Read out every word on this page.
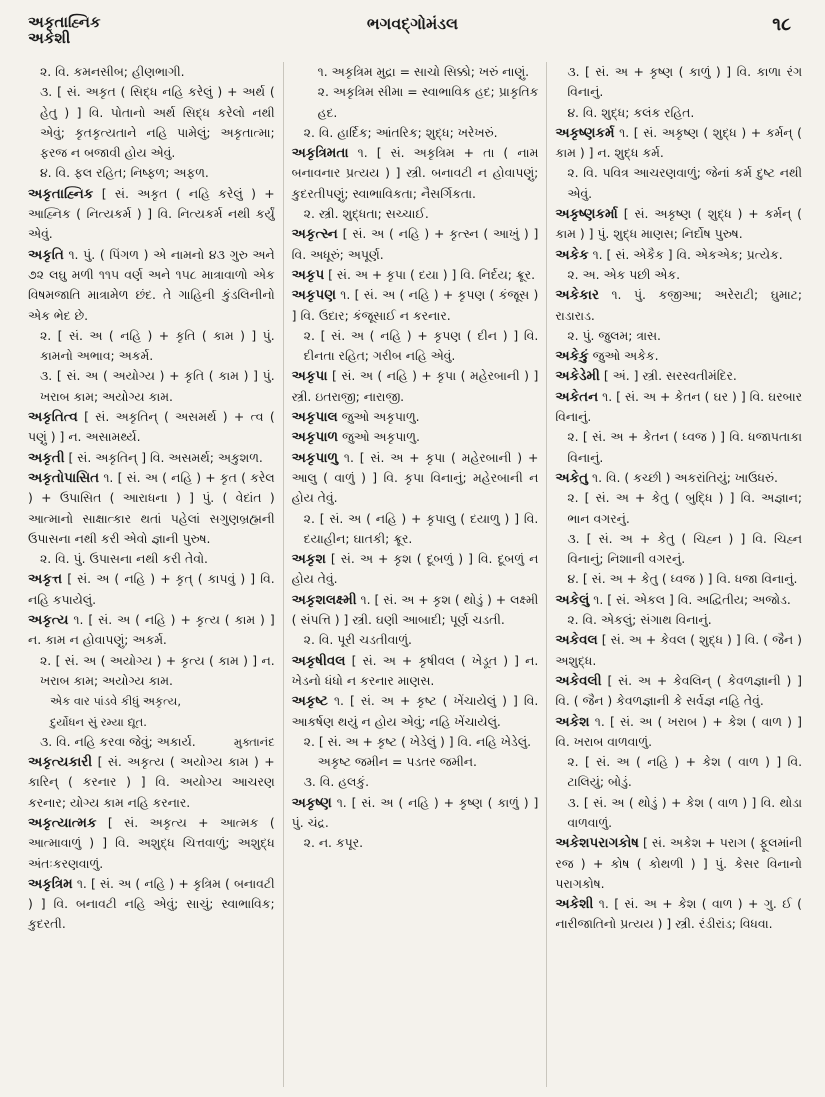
અકૃતાહ્નિક
અકેશી
ભગવદ્‍ગોમંડલ	૧૮
૨. વિ. કમનસીબ; હીણભાગી.
૩. [ સં. અકૃત ( સિદ્ધ નહિ કરેલું ) + અર્થ ( હેતુ ) ] વિ. પોતાનો અર્થ સિદ્ધ કરેલો નથી એવું; કૃતકૃત્યતાને નહિ પામેલું; અકૃતાત્મા; ફરજ ન બજાવી હોય એવું.
૪. વિ. ફલ રહિત; નિષ્ફળ; અફળ.
અકૃતાહ્નિક [ સં. અકૃત ( નહિ કરેલું ) + આહ્નિક ( નિત્યકર્મ ) ] વિ. નિત્યકર્મ નથી કર્યું એવું.
અકૃતિ ૧. પું. ( પિંગળ ) એ નામનો ૪૩ ગુરુ અને ૭૨ લઘુ મળી ૧૧૫ વર્ણ અને ૧૫૮ માત્રાવાળો એક વિષમજાતિ માત્રામેળ છંદ. તે ગાહિની કુંડલિનીનો એક ભેદ છે.
૨. [ સં. અ ( નહિ ) + કૃતિ ( કામ ) ] પું. કામનો અભાવ; અકર્મ.
૩. [ સં. અ ( અયોગ્ય ) + કૃતિ ( કામ ) ] પું. ખરાબ કામ; અયોગ્ય કામ.
અકૃતિત્વ [ સં. અકૃતિન્ ( અસમર્થ ) + ત્વ ( પણું ) ] ન. અસામર્થ્ય.
અકૃતી [ સં. અકૃતિન્ ] વિ. અસમર્થ; અકુશળ.
અકૃતોપાસિત ૧. [ સં. અ ( નહિ ) + કૃત ( કરેલ ) + ઉપાસિત ( આરાધના ) ] પું. ( વેદાંત ) આત્માનો સાક્ષાત્કાર થતાં પહેલાં સગુણબ્રહ્મની ઉપાસના નથી કરી એવો જ્ઞાની પુરુષ.
૨. વિ. પું. ઉપાસના નથી કરી તેવો.
અકૃત્ત [ સં. અ ( નહિ ) + કૃત્ ( કાપવું ) ] વિ. નહિ કપાયેલું.
અકૃત્ય ૧. [ સં. અ ( નહિ ) + કૃત્ય ( કામ ) ] ન. કામ ન હોવાપણું; અકર્મ.
૨. [ સં. અ ( અયોગ્ય ) + કૃત્ય ( કામ ) ] ન. ખરાબ કામ; અયોગ્ય કામ.
એક વાર પાંડવે કીધું અકૃત્ય,
દુર્યોધન સું રમ્યા દ્યૂત.
મુક્તાનંદ
૩. વિ. નહિ કરવા જેવું; અકાર્ય.
અકૃત્યકારી [ સં. અકૃત્ય ( અયોગ્ય કામ ) + કારિન્ ( કરનાર ) ] વિ. અયોગ્ય આચરણ કરનાર; યોગ્ય કામ નહિ કરનાર.
અકૃત્યાત્મક [ સં. અકૃત્ય + આત્મક ( આત્માવાળું ) ] વિ. અશુદ્ધ ચિત્તવાળું; અશુદ્ધ અંતઃકરણવાળું.
અકૃત્રિમ ૧. [ સં. અ ( નહિ ) + કૃત્રિમ ( બનાવટી ) ] વિ. બનાવટી નહિ એવું; સાચું; સ્વાભાવિક; કુદરતી.
૧. અકૃત્રિમ મુદ્રા = સાચો સિક્કો; ખરું નાણું.
૨. અકૃત્રિમ સીમા = સ્વાભાવિક હદ; પ્રાકૃતિક હદ.
૨. વિ. હાર્દિક; આંતરિક; શુદ્ધ; ખરેખરું.
અકૃત્રિમતા ૧. [ સં. અકૃત્રિમ + તા ( નામ બનાવનાર પ્રત્યય ) ] સ્ત્રી. બનાવટી ન હોવાપણું; કુદરતીપણું; સ્વાભાવિકતા; નૈસર્ગિકતા.
૨. સ્ત્રી. શુદ્ધતા; સચ્ચાઈ.
અકૃત્સ્ન [ સં. અ ( નહિ ) + કૃત્સ્ન ( આખું ) ] વિ. અધૂરું; અપૂર્ણ.
અકૃપ [ સં. અ + કૃપા ( દયા ) ] વિ. નિર્દય; ક્રૂર.
અકૃપણ ૧. [ સં. અ ( નહિ ) + કૃપણ ( કંજૂસ ) ] વિ. ઉદાર; કંજૂસાઈ ન કરનાર.
૨. [ સં. અ ( નહિ ) + કૃપણ ( દીન ) ] વિ. દીનતા રહિત; ગરીબ નહિ એવું.
અકૃપા [ સં. અ ( નહિ ) + કૃપા ( મહેરબાની ) ] સ્ત્રી. ઇતરાજી; નારાજી.
અકૃપાલ જુઓ અકૃપાળુ.
અકૃપાળ જુઓ અકૃપાળુ.
અકૃપાળુ ૧. [ સં. અ + કૃપા ( મહેરબાની ) + આલુ ( વાળું ) ] વિ. કૃપા વિનાનું; મહેરબાની ન હોય તેવું.
૨. [ સં. અ ( નહિ ) + કૃપાલુ ( દયાળુ ) ] વિ. દયાહીન; ઘાતકી; ક્રૂર.
અકૃશ [ સં. અ + કૃશ ( દૂબળું ) ] વિ. દૂબળું ન હોય તેવું.
અકૃશલક્ષ્મી ૧. [ સં. અ + કૃશ ( થોડું ) + લક્ષ્મી ( સંપત્તિ ) ] સ્ત્રી. ઘણી આબાદી; પૂર્ણ ચડતી.
૨. વિ. પૂરી ચડતીવાળું.
અકૃષીવલ [ સં. અ + કૃષીવલ ( ખેડૂત ) ] ન. ખેડનો ધંધો ન કરનાર માણસ.
અકૃષ્ટ ૧. [ સં. અ + કૃષ્ટ ( ખેંચાયેલું ) ] વિ. આકર્ષણ થયું ન હોય એવું; નહિ ખેંચાયેલું.
૨. [ સં. અ + કૃષ્ટ ( ખેડેલું ) ] વિ. નહિ ખેડેલું.
અકૃષ્ટ જમીન = પડતર જમીન.
૩. વિ. હલકું.
અકૃષ્ણ ૧. [ સં. અ ( નહિ ) + કૃષ્ણ ( કાળું ) ] પું. ચંદ્ર.
૨. ન. કપૂર.
૩. [ સં. અ + કૃષ્ણ ( કાળું ) ] વિ. કાળા રંગ વિનાનું.
૪. વિ. શુદ્ધ; કલંક રહિત.
અકૃષ્ણકર્મ ૧. [ સં. અકૃષ્ણ ( શુદ્ધ ) + કર્મન્ ( કામ ) ] ન. શુદ્ધ કર્મ.
૨. વિ. પવિત્ર આચરણવાળું; જેનાં કર્મ દુષ્ટ નથી એવું.
અકૃષ્ણકર્મા [ સં. અકૃષ્ણ ( શુદ્ધ ) + કર્મન્ ( કામ ) ] પું. શુદ્ધ માણસ; નિર્દોષ પુરુષ.
અકેક ૧. [ સં. એકૈક ] વિ. એકએક; પ્રત્યેક.
૨. અ. એક પછી એક.
અકેકાર ૧. પું. કજીઆ; અરેરાટી; ઘુમાટ; રાડારાડ.
૨. પું. જુલમ; ત્રાસ.
અકેકું જુઓ અકેક.
અકેડેમી [ અં. ] સ્ત્રી. સરસ્વતીમંદિર.
અકેતન ૧. [ સં. અ + કેતન ( ઘર ) ] વિ. ઘરબાર વિનાનું.
૨. [ સં. અ + કેતન ( ધ્વજ ) ] વિ. ધજાપતાકા વિનાનું.
અકેતુ ૧. વિ. ( કચ્છી ) અકરાંતિયું; ખાઉધરું.
૨. [ સં. અ + કેતુ ( બુદ્ધિ ) ] વિ. અજ્ઞાન; ભાન વગરનું.
૩. [ સં. અ + કેતુ ( ચિહ્ન ) ] વિ. ચિહ્ન વિનાનું; નિશાની વગરનું.
૪. [ સં. અ + કેતુ ( ધ્વજ ) ] વિ. ધજા વિનાનું.
અકેલું ૧. [ સં. એકલ ] વિ. અદ્વિતીય; અજોડ.
૨. વિ. એકલું; સંગાથ વિનાનું.
અકેવલ [ સં. અ + કેવલ ( શુદ્ધ ) ] વિ. ( જૈન ) અશુદ્ધ.
અકેવલી [ સં. અ + કેવલિન્ ( કેવળજ્ઞાની ) ] વિ. ( જૈન ) કેવળજ્ઞાની કે સર્વજ્ઞ નહિ તેવું.
અકેશ ૧. [ સં. અ ( ખરાબ ) + કેશ ( વાળ ) ] વિ. ખરાબ વાળવાળું.
૨. [ સં. અ ( નહિ ) + કેશ ( વાળ ) ] વિ. ટાલિયું; બોડું.
૩. [ સં. અ ( થોડું ) + કેશ ( વાળ ) ] વિ. થોડા વાળવાળું.
અકેશપરાગકોષ [ સં. અકેશ + પરાગ ( ફૂલમાંની રજ ) + કોષ ( કોથળી ) ] પું. કેસર વિનાનો પરાગકોષ.
અકેશી ૧. [ સં. અ + કેશ ( વાળ ) + ગુ. ઈ ( નારીજાતિનો પ્રત્યય ) ] સ્ત્રી. રંડીરાંડ; વિધવા.
